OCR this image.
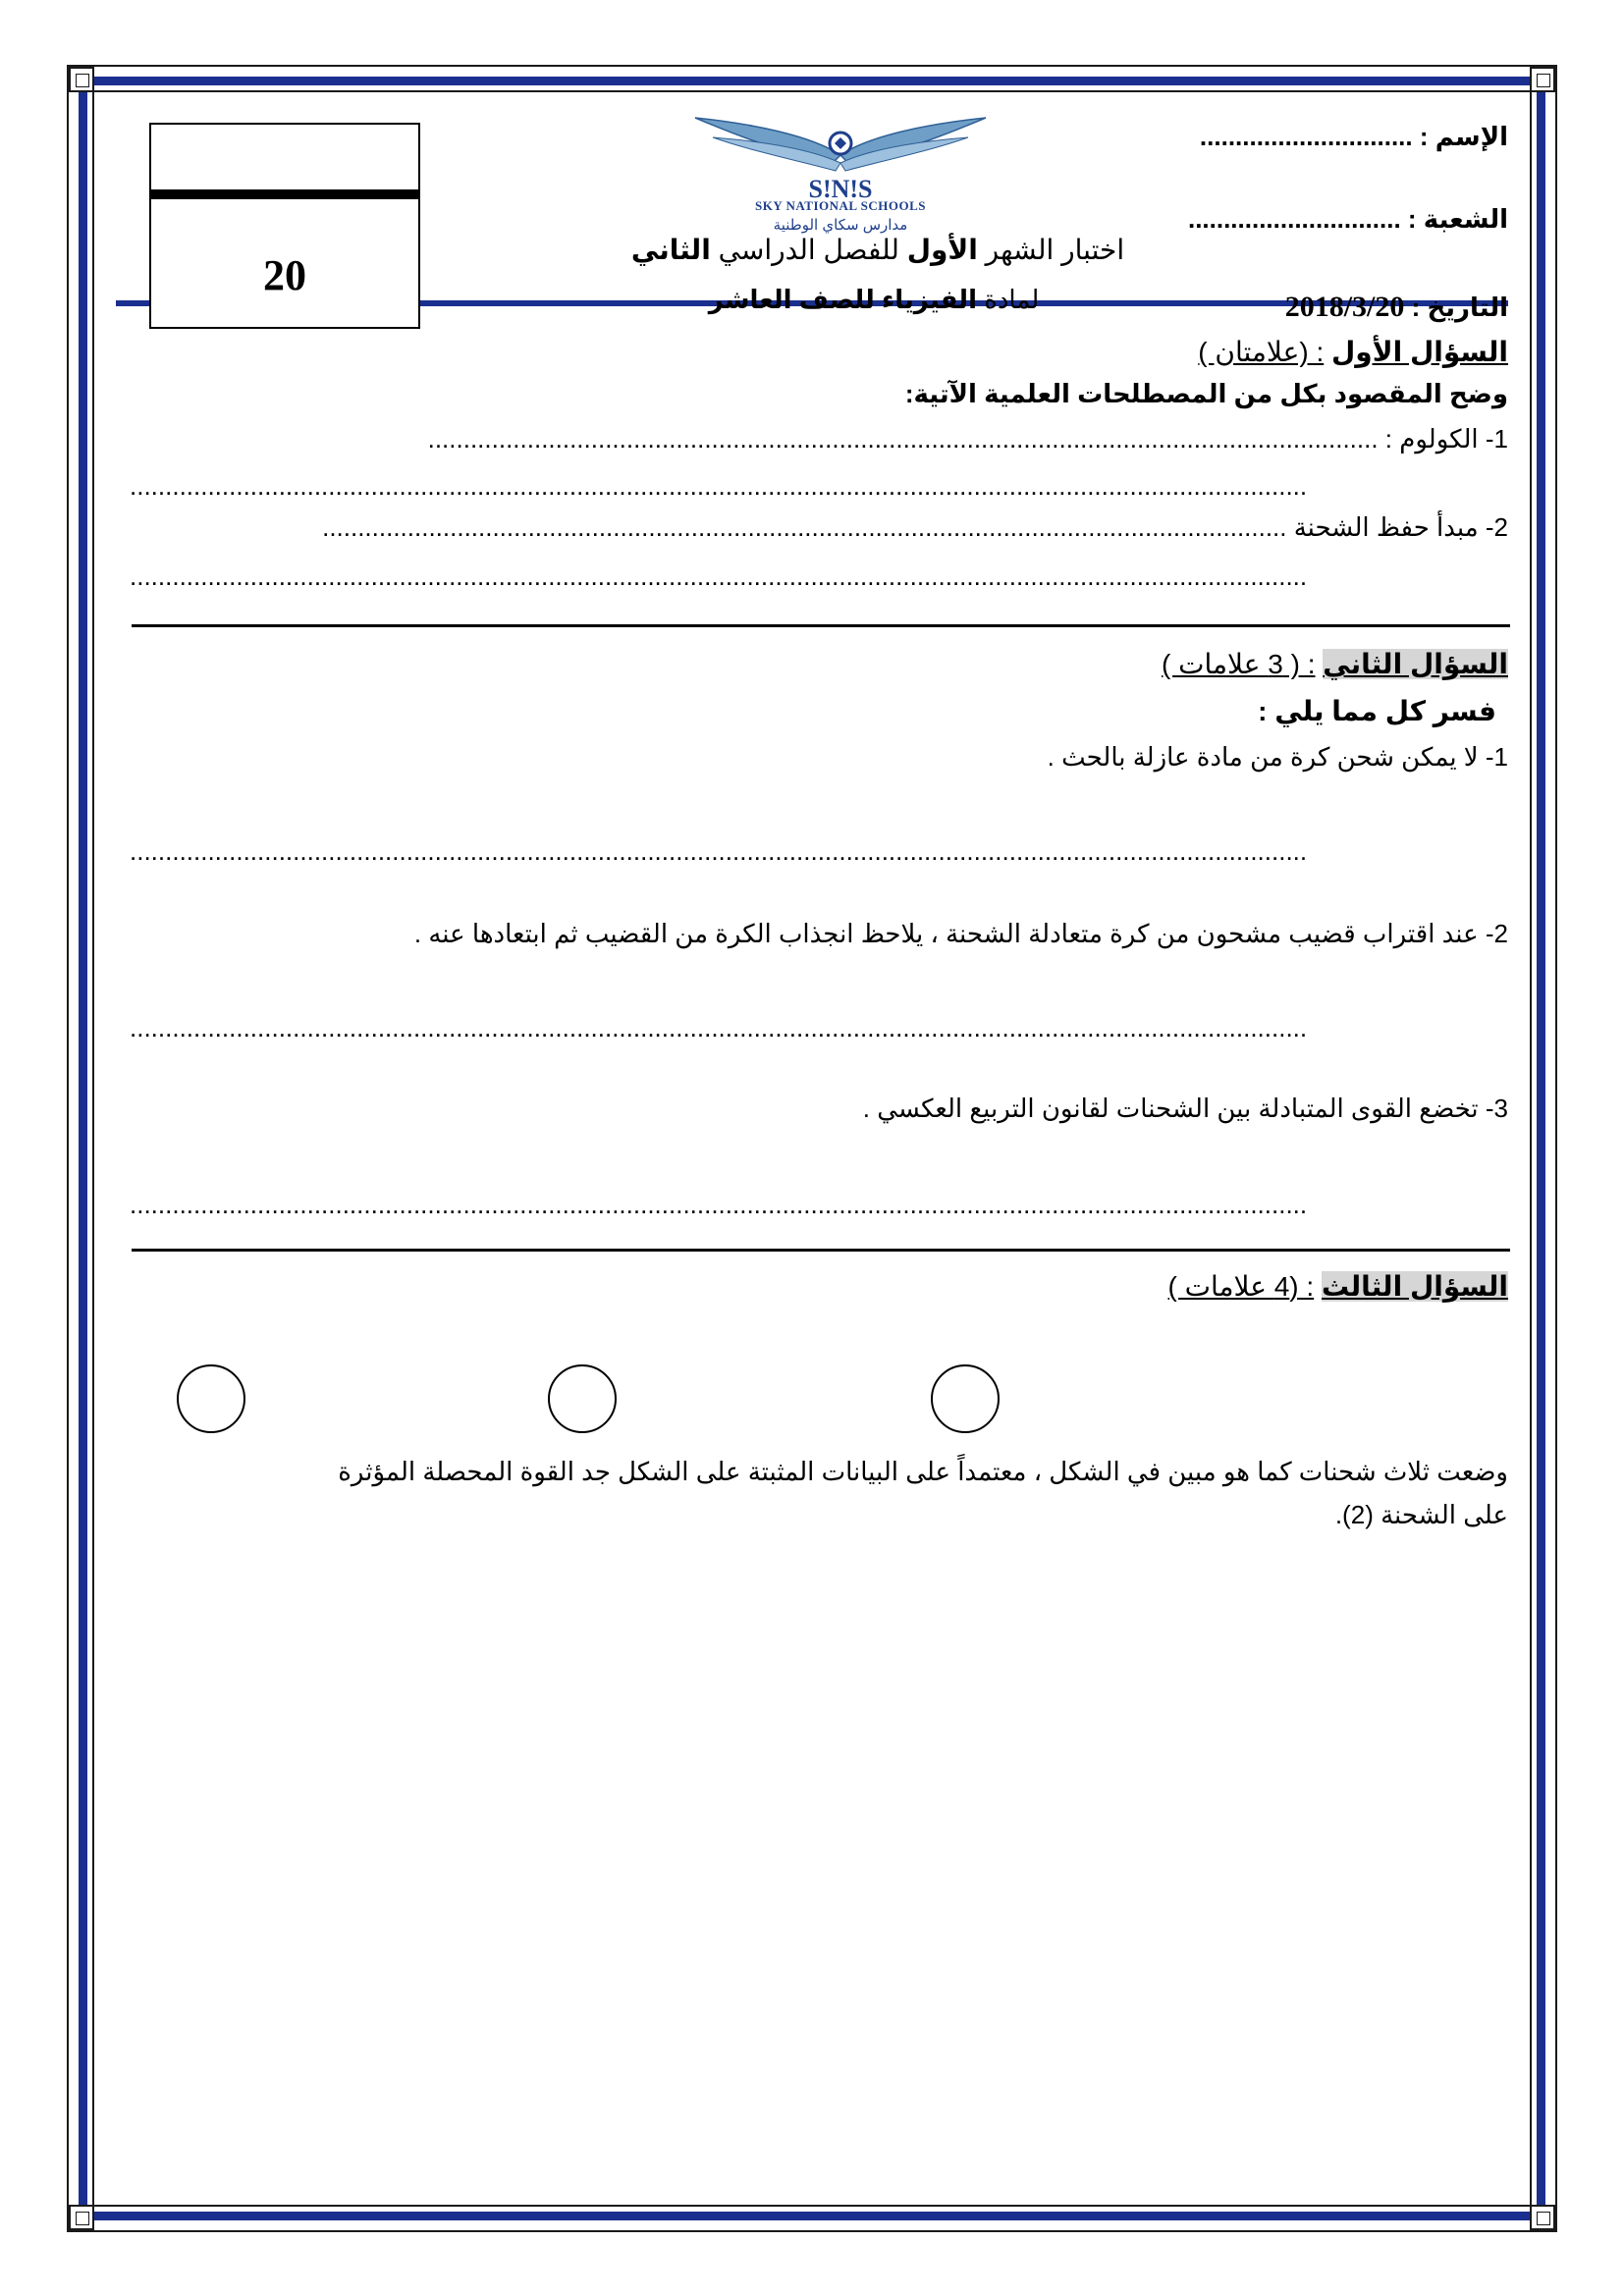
20
S!N!S
SKY NATIONAL SCHOOLS
مدارس سكاي الوطنية
الإسم : ..............................
الشعبة : ..............................
التاريخ : 2018/3/20
اختبار الشهر الأول للفصل الدراسي الثاني
لمادة الفيزياء للصف العاشر
السؤال الأول : (علامتان )
وضح المقصود بكل من المصطلحات العلمية الآتية:
1- الكولوم : ......................................................................................................................................
......................................................................................................................................................................
2- مبدأ حفظ الشحنة ........................................................................................................................................
......................................................................................................................................................................
السؤال الثاني : ( 3 علامات )
فسر كل مما يلي :
1- لا يمكن شحن كرة من مادة عازلة بالحث .
......................................................................................................................................................................
2- عند اقتراب قضيب مشحون من كرة متعادلة الشحنة ، يلاحظ انجذاب الكرة من القضيب ثم ابتعادها عنه .
......................................................................................................................................................................
3- تخضع القوى المتبادلة بين الشحنات لقانون التربيع العكسي .
......................................................................................................................................................................
السؤال الثالث : (4 علامات )
وضعت ثلاث شحنات كما هو مبين في الشكل ، معتمداً على البيانات المثبتة على الشكل جد القوة المحصلة المؤثرة
على الشحنة (2).
